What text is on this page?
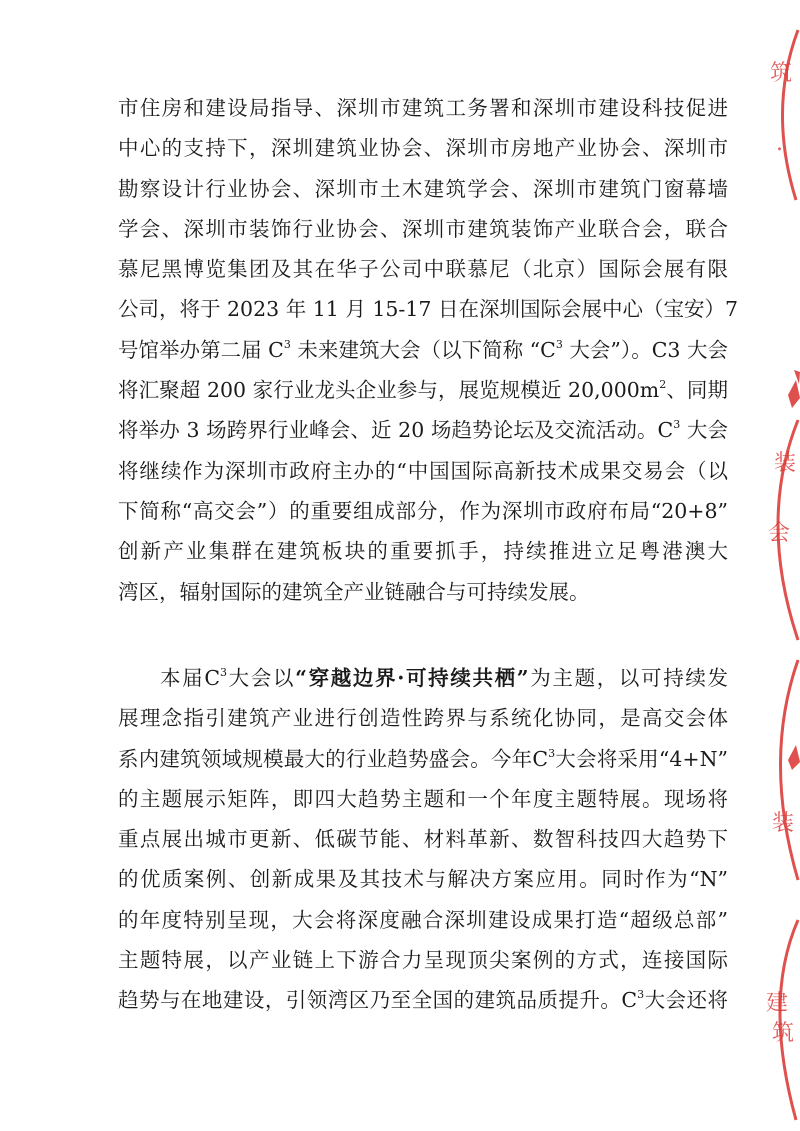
市住房和建设局指导、深圳市建筑工务署和深圳市建设科技促进
中心的支持下，深圳建筑业协会、深圳市房地产业协会、深圳市
勘察设计行业协会、深圳市土木建筑学会、深圳市建筑门窗幕墙
学会、深圳市装饰行业协会、深圳市建筑装饰产业联合会，联合
慕尼黑博览集团及其在华子公司中联慕尼（北京）国际会展有限
公司，将于 2023 年 11 月 15-17 日在深圳国际会展中心（宝安）7
号馆举办第二届 $C^3$ 未来建筑大会（以下简称 “$C^3$ 大会”）。C3 大会
将汇聚超 200 家行业龙头企业参与，展览规模近 $20,000m^2$、同期
将举办 3 场跨界行业峰会、近 20 场趋势论坛及交流活动。$C^3$ 大会
将继续作为深圳市政府主办的“中国国际高新技术成果交易会（以
下简称“高交会”）的重要组成部分，作为深圳市政府布局“20+8”
创新产业集群在建筑板块的重要抓手，持续推进立足粤港澳大
湾区，辐射国际的建筑全产业链融合与可持续发展。
本届$C^3$大会以“穿越边界·可持续共栖”为主题，以可持续发
展理念指引建筑产业进行创造性跨界与系统化协同，是高交会体
系内建筑领域规模最大的行业趋势盛会。今年$C^3$大会将采用“4+N”
的主题展示矩阵，即四大趋势主题和一个年度主题特展。现场将
重点展出城市更新、低碳节能、材料革新、数智科技四大趋势下
的优质案例、创新成果及其技术与解决方案应用。同时作为“N”
的年度特别呈现，大会将深度融合深圳建设成果打造“超级总部”
主题特展，以产业链上下游合力呈现顶尖案例的方式，连接国际
趋势与在地建设，引领湾区乃至全国的建筑品质提升。$C^3$大会还将
筑
.
装
会
装
建
筑
